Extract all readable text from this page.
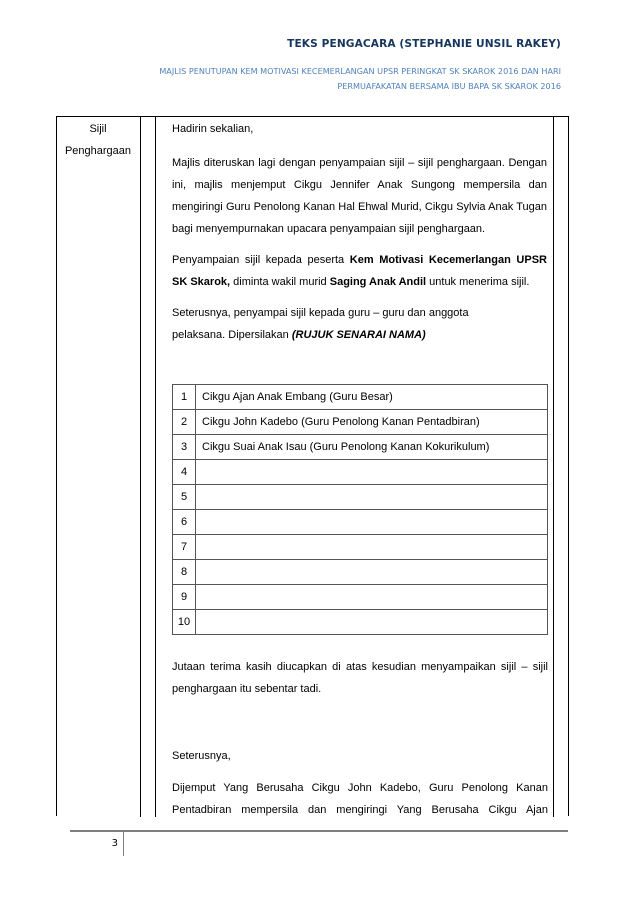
TEKS PENGACARA (STEPHANIE UNSIL RAKEY)
MAJLIS PENUTUPAN KEM MOTIVASI KECEMERLANGAN UPSR PERINGKAT SK SKAROK 2016 DAN HARI
PERMUAFAKATAN BERSAMA IBU BAPA SK SKAROK 2016
Sijil
Penghargaan

Hadirin sekalian,

Majlis diteruskan lagi dengan penyampaian sijil – sijil penghargaan. Dengan ini, majlis menjemput Cikgu Jennifer Anak Sungong mempersila dan mengiringi Guru Penolong Kanan Hal Ehwal Murid, Cikgu Sylvia Anak Tugan bagi menyempurnakan upacara penyampaian sijil penghargaan.

Penyampaian sijil kepada peserta Kem Motivasi Kecemerlangan UPSR SK Skarok, diminta wakil murid Saging Anak Andil untuk menerima sijil.

Seterusnya, penyampai sijil kepada guru – guru dan anggota
pelaksana. Dipersilakan (RUJUK SENARAI NAMA)

1	Cikgu Ajan Anak Embang (Guru Besar)
2	Cikgu John Kadebo (Guru Penolong Kanan Pentadbiran)
3	Cikgu Suai Anak Isau (Guru Penolong Kanan Kokurikulum)
4	
5	
6	
7	
8	
9	
10	

Jutaan terima kasih diucapkan di atas kesudian menyampaikan sijil – sijil penghargaan itu sebentar tadi.

Seterusnya,

Dijemput Yang Berusaha Cikgu John Kadebo, Guru Penolong Kanan Pentadbiran mempersila dan mengiringi Yang Berusaha Cikgu Ajan

3
